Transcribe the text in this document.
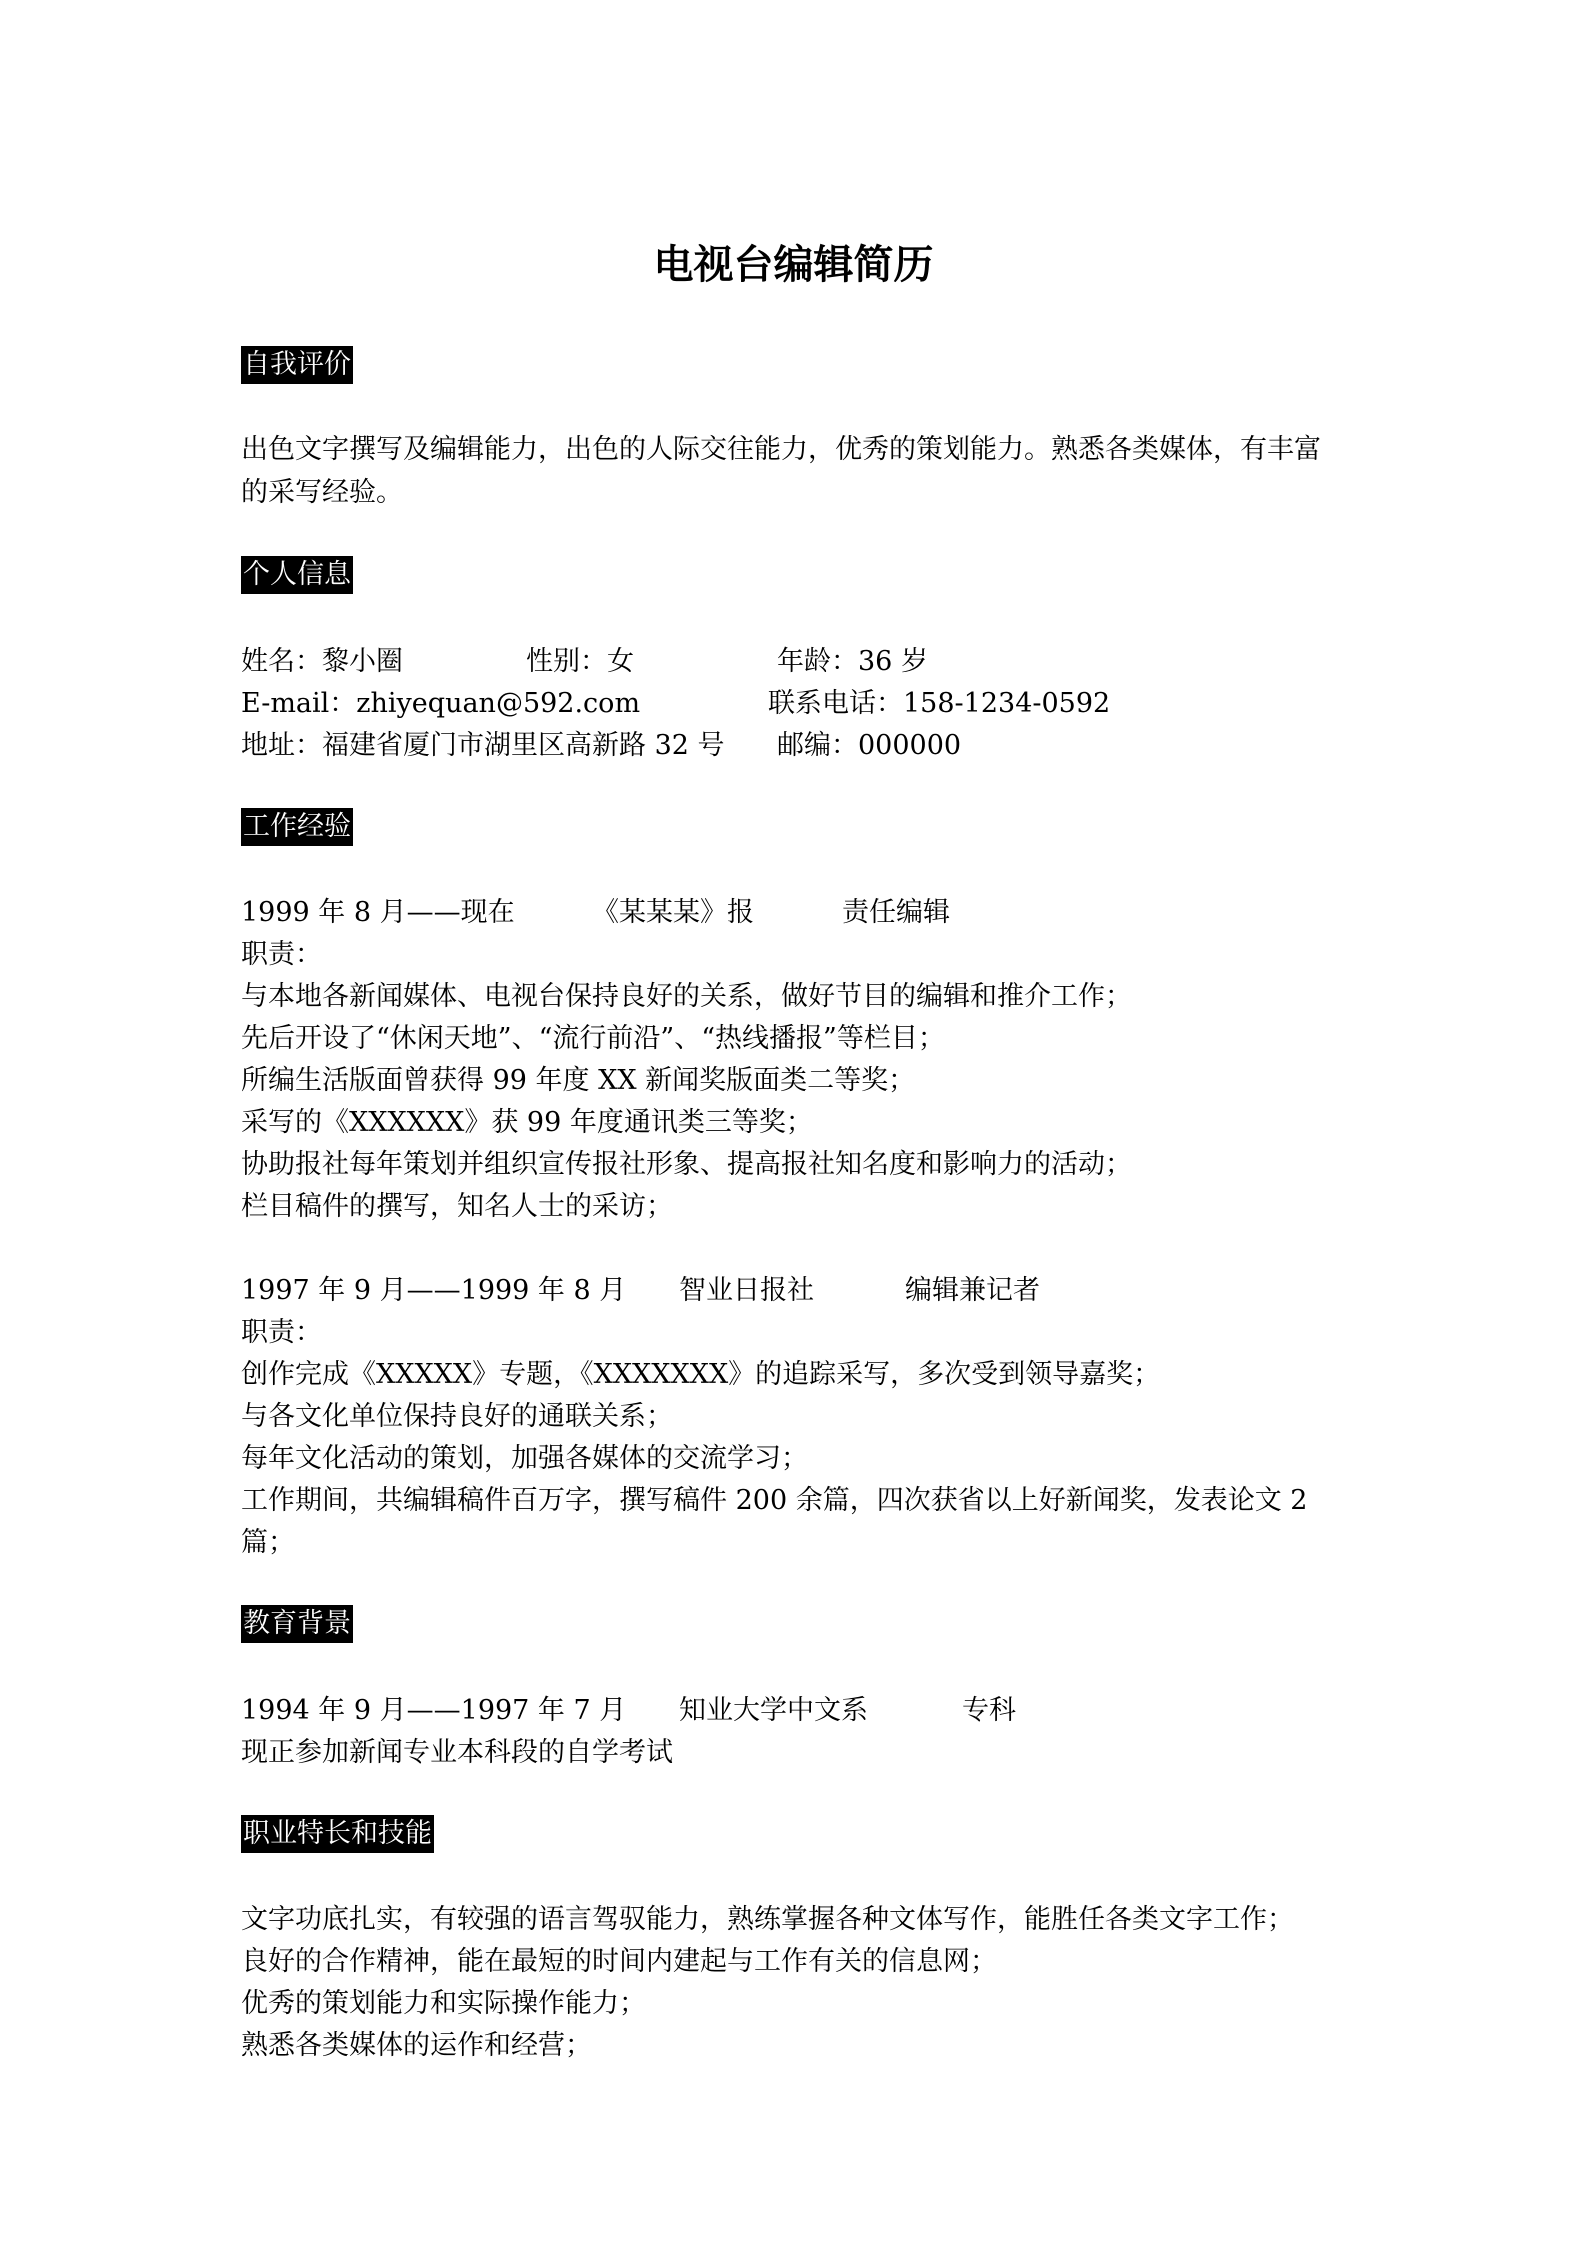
电视台编辑简历
自我评价
出色文字撰写及编辑能力，出色的人际交往能力，优秀的策划能力。熟悉各类媒体，有丰富
的采写经验。
个人信息
姓名：黎小圈	性别：女	年龄：36 岁
E-mail：zhiyequan@592.com	联系电话：158-1234-0592
地址：福建省厦门市湖里区高新路 32 号 邮编：000000
工作经验
1999 年 8 月——现在	《某某某》报	责任编辑
职责：
与本地各新闻媒体、电视台保持良好的关系，做好节目的编辑和推介工作；
先后开设了“休闲天地”、“流行前沿”、“热线播报”等栏目；
所编生活版面曾获得 99 年度 XX 新闻奖版面类二等奖；
采写的《XXXXXX》获 99 年度通讯类三等奖；
协助报社每年策划并组织宣传报社形象、提高报社知名度和影响力的活动；
栏目稿件的撰写，知名人士的采访；
1997 年 9 月——1999 年 8 月 智业日报社	编辑兼记者
职责：
创作完成《XXXXX》专题，《XXXXXXX》的追踪采写，多次受到领导嘉奖；
与各文化单位保持良好的通联关系；
每年文化活动的策划，加强各媒体的交流学习；
工作期间，共编辑稿件百万字，撰写稿件 200 余篇，四次获省以上好新闻奖，发表论文 2
篇；
教育背景
1994 年 9 月——1997 年 7 月 知业大学中文系	专科
现正参加新闻专业本科段的自学考试
职业特长和技能
文字功底扎实，有较强的语言驾驭能力，熟练掌握各种文体写作，能胜任各类文字工作；
良好的合作精神，能在最短的时间内建起与工作有关的信息网；
优秀的策划能力和实际操作能力；
熟悉各类媒体的运作和经营；
